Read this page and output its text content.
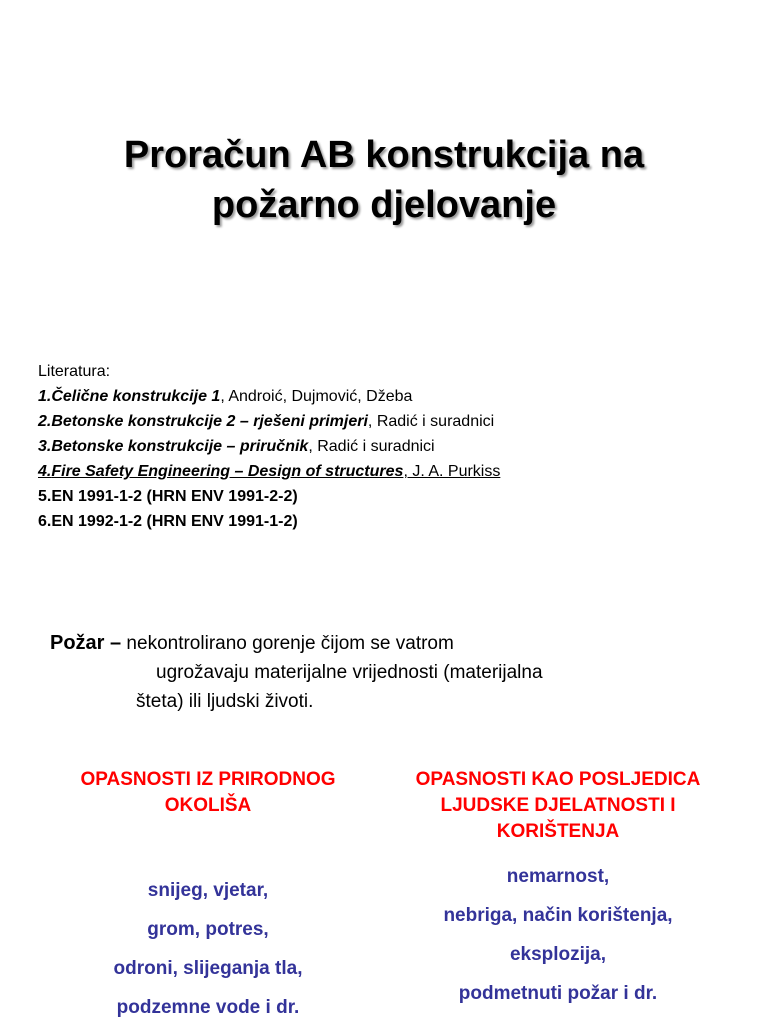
Proračun AB konstrukcija na
požarno djelovanje
Literatura:
1.Čelične konstrukcije 1, Androić, Dujmović, Džeba
2.Betonske konstrukcije 2 – rješeni primjeri, Radić i suradnici
3.Betonske konstrukcije – priručnik, Radić i suradnici
4.Fire Safety Engineering – Design of structures, J. A. Purkiss
5.EN 1991-1-2 (HRN ENV 1991-2-2)
6.EN 1992-1-2 (HRN ENV 1991-1-2)
Požar – nekontrolirano gorenje čijom se vatrom
ugrožavaju materijalne vrijednosti (materijalna
šteta) ili ljudski životi.
OPASNOSTI IZ PRIRODNOG
OKOLIŠA
snijeg, vjetar,
grom, potres,
odroni, slijeganja tla,
podzemne vode i dr.
OPASNOSTI KAO POSLJEDICA
LJUDSKE DJELATNOSTI I
KORIŠTENJA
nemarnost,
nebriga, način korištenja,
eksplozija,
podmetnuti požar i dr.
